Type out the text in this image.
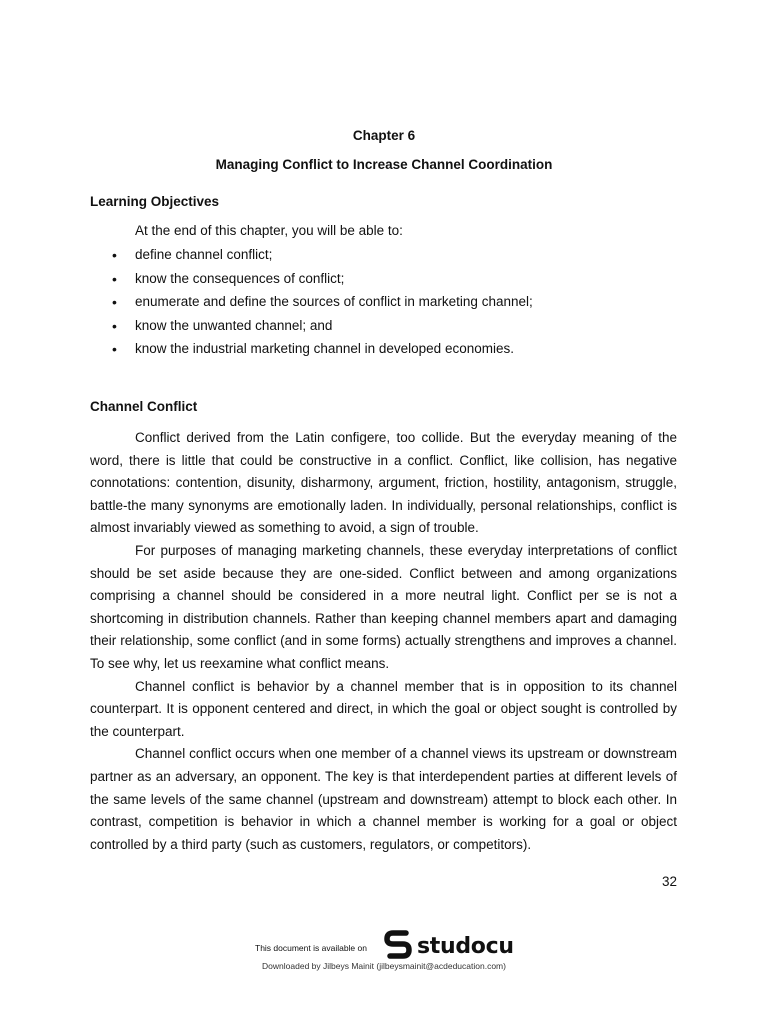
Chapter 6
Managing Conflict to Increase Channel Coordination
Learning Objectives
At the end of this chapter, you will be able to:
• define channel conflict;
• know the consequences of conflict;
• enumerate and define the sources of conflict in marketing channel;
• know the unwanted channel; and
• know the industrial marketing channel in developed economies.
Channel Conflict

Conflict derived from the Latin configere, too collide. But the everyday meaning of the word, there is little that could be constructive in a conflict. Conflict, like collision, has negative connotations: contention, disunity, disharmony, argument, friction, hostility, antagonism, struggle, battle-the many synonyms are emotionally laden. In individually, personal relationships, conflict is almost invariably viewed as something to avoid, a sign of trouble.

For purposes of managing marketing channels, these everyday interpretations of conflict should be set aside because they are one-sided. Conflict between and among organizations comprising a channel should be considered in a more neutral light. Conflict per se is not a shortcoming in distribution channels. Rather than keeping channel members apart and damaging their relationship, some conflict (and in some forms) actually strengthens and improves a channel. To see why, let us reexamine what conflict means.

Channel conflict is behavior by a channel member that is in opposition to its channel counterpart. It is opponent centered and direct, in which the goal or object sought is controlled by the counterpart.

Channel conflict occurs when one member of a channel views its upstream or downstream partner as an adversary, an opponent. The key is that interdependent parties at different levels of the same levels of the same channel (upstream and downstream) attempt to block each other. In contrast, competition is behavior in which a channel member is working for a goal or object controlled by a third party (such as customers, regulators, or competitors).

32
This document is available on studocu
Downloaded by Jilbeys Mainit (jilbeysmainit@acdeducation.com)
